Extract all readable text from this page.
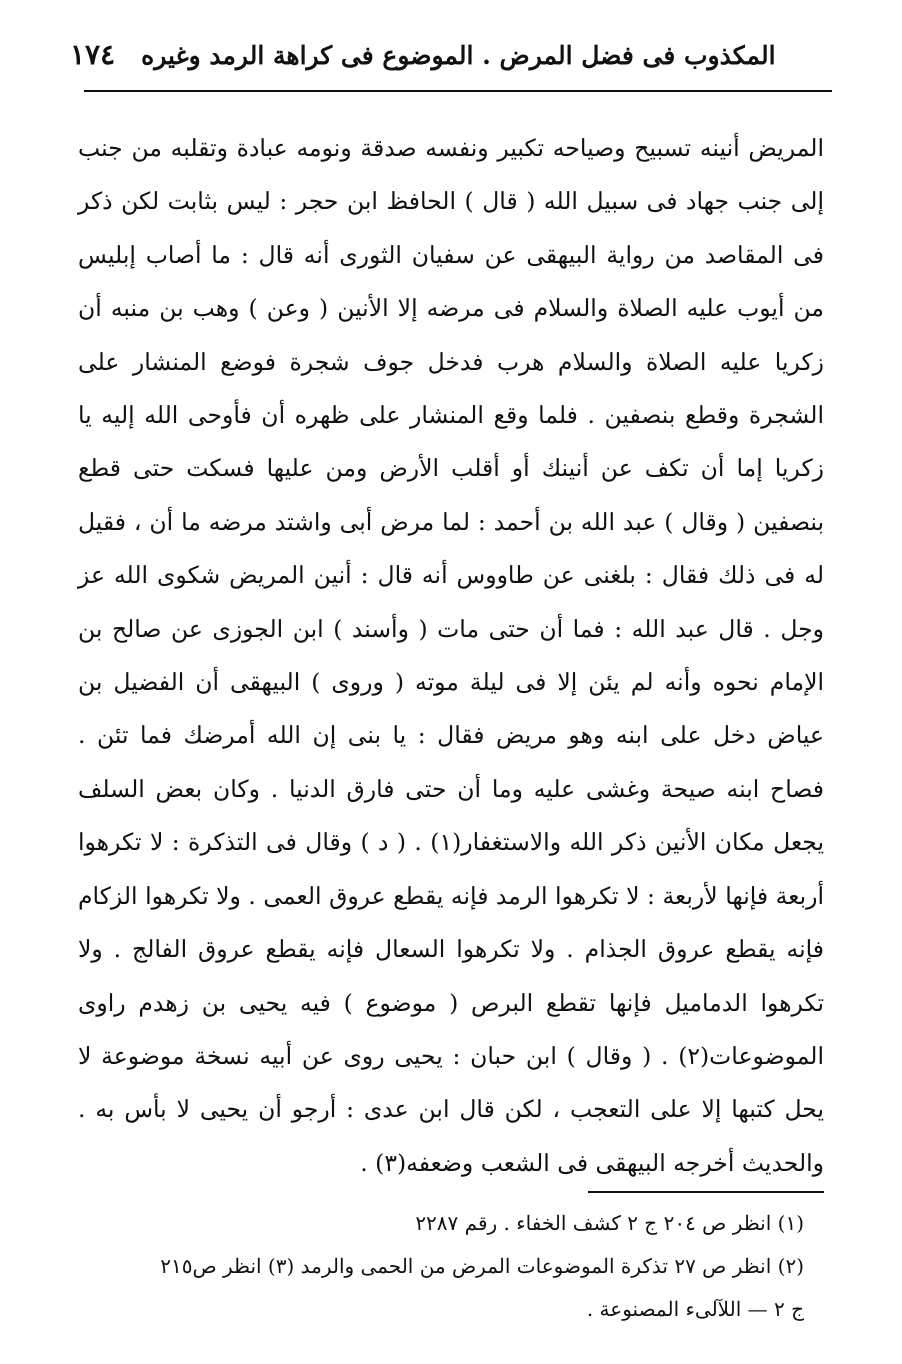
١٧٤ المكذوب فى فضل المرض . الموضوع فى كراهة الرمد وغيره

المريض أنينه تسبيح وصياحه تكبير ونفسه صدقة ونومه عبادة وتقلبه من جنب إلى جنب جهاد فى سبيل الله ( قال ) الحافظ ابن حجر : ليس بثابت لكن ذكر فى المقاصد من رواية البيهقى عن سفيان الثورى أنه قال : ما أصاب إبليس من أيوب عليه الصلاة والسلام فى مرضه إلا الأنين ( وعن ) وهب بن منبه أن زكريا عليه الصلاة والسلام هرب فدخل جوف شجرة فوضع المنشار على الشجرة وقطع بنصفين . فلما وقع المنشار على ظهره أن فأوحى الله إليه يا زكريا إما أن تكف عن أنينك أو أقلب الأرض ومن عليها فسكت حتى قطع بنصفين ( وقال ) عبد الله بن أحمد : لما مرض أبى واشتد مرضه ما أن ، فقيل له فى ذلك فقال : بلغنى عن طاووس أنه قال : أنين المريض شكوى الله عز وجل . قال عبد الله : فما أن حتى مات ( وأسند ) ابن الجوزى عن صالح بن الإمام نحوه وأنه لم يئن إلا فى ليلة موته ( وروى ) البيهقى أن الفضيل بن عياض دخل على ابنه وهو مريض فقال : يا بنى إن الله أمرضك فما تئن . فصاح ابنه صيحة وغشى عليه وما أن حتى فارق الدنيا . وكان بعض السلف يجعل مكان الأنين ذكر الله والاستغفار(١) . ( د ) وقال فى التذكرة : لا تكرهوا أربعة فإنها لأربعة : لا تكرهوا الرمد فإنه يقطع عروق العمى . ولا تكرهوا الزكام فإنه يقطع عروق الجذام . ولا تكرهوا السعال فإنه يقطع عروق الفالج . ولا تكرهوا الدماميل فإنها تقطع البرص ( موضوع ) فيه يحيى بن زهدم راوى الموضوعات(٢) . ( وقال ) ابن حبان : يحيى روى عن أبيه نسخة موضوعة لا يحل كتبها إلا على التعجب ، لكن قال ابن عدى : أرجو أن يحيى لا بأس به . والحديث أخرجه البيهقى فى الشعب وضعفه(٣) .

(١) انظر ص ٢٠٤ ج ٢ كشف الخفاء . رقم ٢٢٨٧
(٢) انظر ص ٢٧ تذكرة الموضوعات المرض من الحمى والرمد (٣) انظر ص٢١٥
ج ٢ — اللآلىء المصنوعة .
